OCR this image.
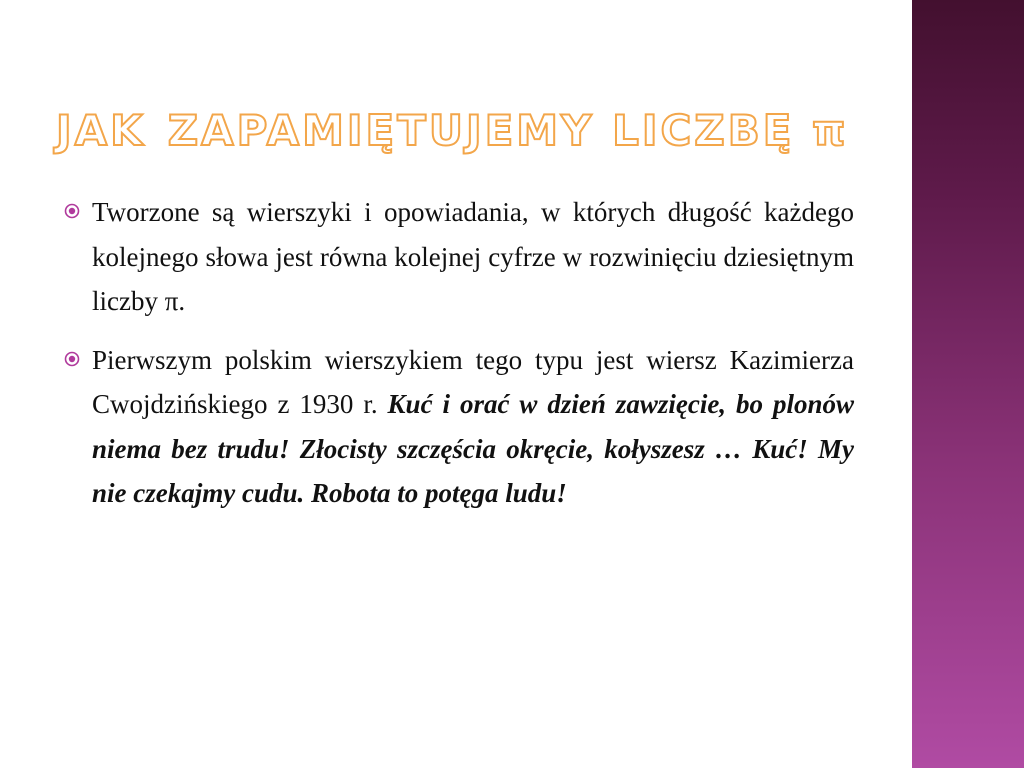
JAK ZAPAMIĘTUJEMY LICZBĘ π
Tworzone są wierszyki i opowiadania, w których długość każdego kolejnego słowa jest równa kolejnej cyfrze w rozwinięciu dziesiętnym liczby π.
Pierwszym polskim wierszykiem tego typu jest wiersz Kazimierza Cwojdzińskiego z 1930 r. Kuć i orać w dzień zawzięcie, bo plonów niema bez trudu! Złocisty szczęścia okręcie, kołyszesz … Kuć! My nie czekajmy cudu. Robota to potęga ludu!
